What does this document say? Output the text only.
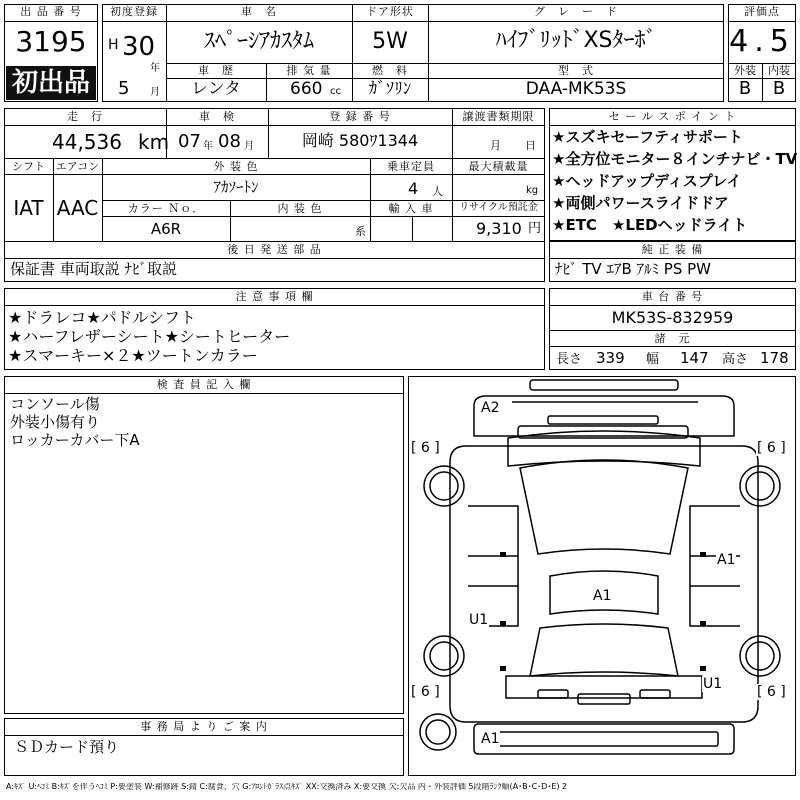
出 品 番 号
3195
初出品
初度登録
H 30
年
5 月
車　名
ｽﾍﾟｰｼｱｶｽﾀﾑ
ドア形状
5W
グ　レ　ー　ド
ﾊｲﾌﾞﾘｯﾄﾞXSﾀｰﾎﾞ
車　歴
レンタ
排 気 量
660 cc
燃　料
ｶﾞｿﾘﾝ
型　式
DAA-MK53S
評価点
4.5
外装	内装
B	B
走　行
44,536 km
車　検
07 年 08 月
登 録 番 号
岡崎 580ﾜ1344
譲渡書類期限
月 日
シフト エアコン
IAT AAC
外 装 色
ｱｶｿｰﾄﾝ
乗車定員
4 人
最大積載量
kg
カラー Ｎｏ．
A6R
内 装 色
系
輸 入 車	リサイクル預託金
9,310 円
後 日 発 送 部 品
保証書 車両取説 ﾅﾋﾞ取説
セ ー ル ス ポ イ ン ト
★スズキセーフティサポート
★全方位モニター８インチナビ・TV
★ヘッドアップディスプレイ
★両側パワースライドドア
★ETC　★LEDヘッドライト
純 正 装 備
ﾅﾋﾞ TV ｴｱB ｱﾙﾐ PS PW
注 意 事 項 欄
★ドラレコ★パドルシフト
★ハーフレザーシート★シートヒーター
★スマーキー×２★ツートンカラー
車 台 番 号
MK53S-832959
諸　元
長さ 339 幅 147 高さ 178
検 査 員 記 入 欄
コンソール傷
外装小傷有り
ロッカーカバー下A
事 務 局 よ り ご 案 内
ＳＤカード預り
A2
A1
A1
U1
U1
A1
[ 6 ]	[ 6 ]
[ 6 ]	[ 6 ]
A:ｷｽﾞ U:ﾍｺﾐ B:ｷｽﾞを伴うﾍｺﾐ P:要塗装 W:補修跡 S:錆 C:腐食、穴 G:ﾌﾛﾝﾄｶﾞﾗｽ点ｷｽﾞ XX:交換済み X:要交換 欠:欠品 内・外装評価 5段階ﾗﾝｸ順(A･B･C･D･E) 2
